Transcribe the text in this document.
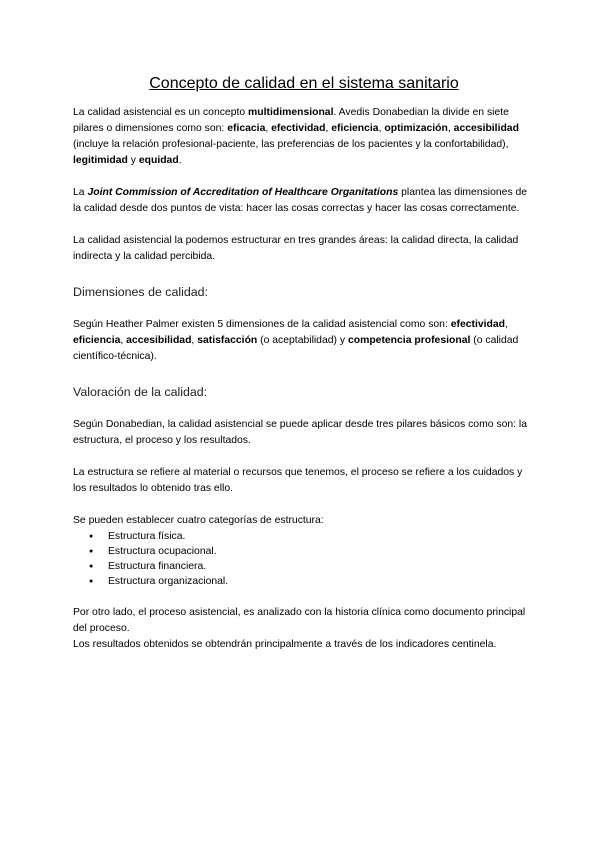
Concepto de calidad en el sistema sanitario

La calidad asistencial es un concepto multidimensional. Avedis Donabedian la divide en siete pilares o dimensiones como son: eficacia, efectividad, eficiencia, optimización, accesibilidad (incluye la relación profesional-paciente, las preferencias de los pacientes y la confortabilidad), legitimidad y equidad.

La Joint Commission of Accreditation of Healthcare Organitations plantea las dimensiones de la calidad desde dos puntos de vista: hacer las cosas correctas y hacer las cosas correctamente.

La calidad asistencial la podemos estructurar en tres grandes áreas: la calidad directa, la calidad indirecta y la calidad percibida.

Dimensiones de calidad:

Según Heather Palmer existen 5 dimensiones de la calidad asistencial como son: efectividad, eficiencia, accesibilidad, satisfacción (o aceptabilidad) y competencia profesional (o calidad científico-técnica).

Valoración de la calidad:

Según Donabedian, la calidad asistencial se puede aplicar desde tres pilares básicos como son: la estructura, el proceso y los resultados.

La estructura se refiere al material o recursos que tenemos, el proceso se refiere a los cuidados y los resultados lo obtenido tras ello.

Se pueden establecer cuatro categorías de estructura:

● Estructura física.
● Estructura ocupacional.
● Estructura financiera.
● Estructura organizacional.

Por otro lado, el proceso asistencial, es analizado con la historia clínica como documento principal del proceso.

Los resultados obtenidos se obtendrán principalmente a través de los indicadores centinela.
